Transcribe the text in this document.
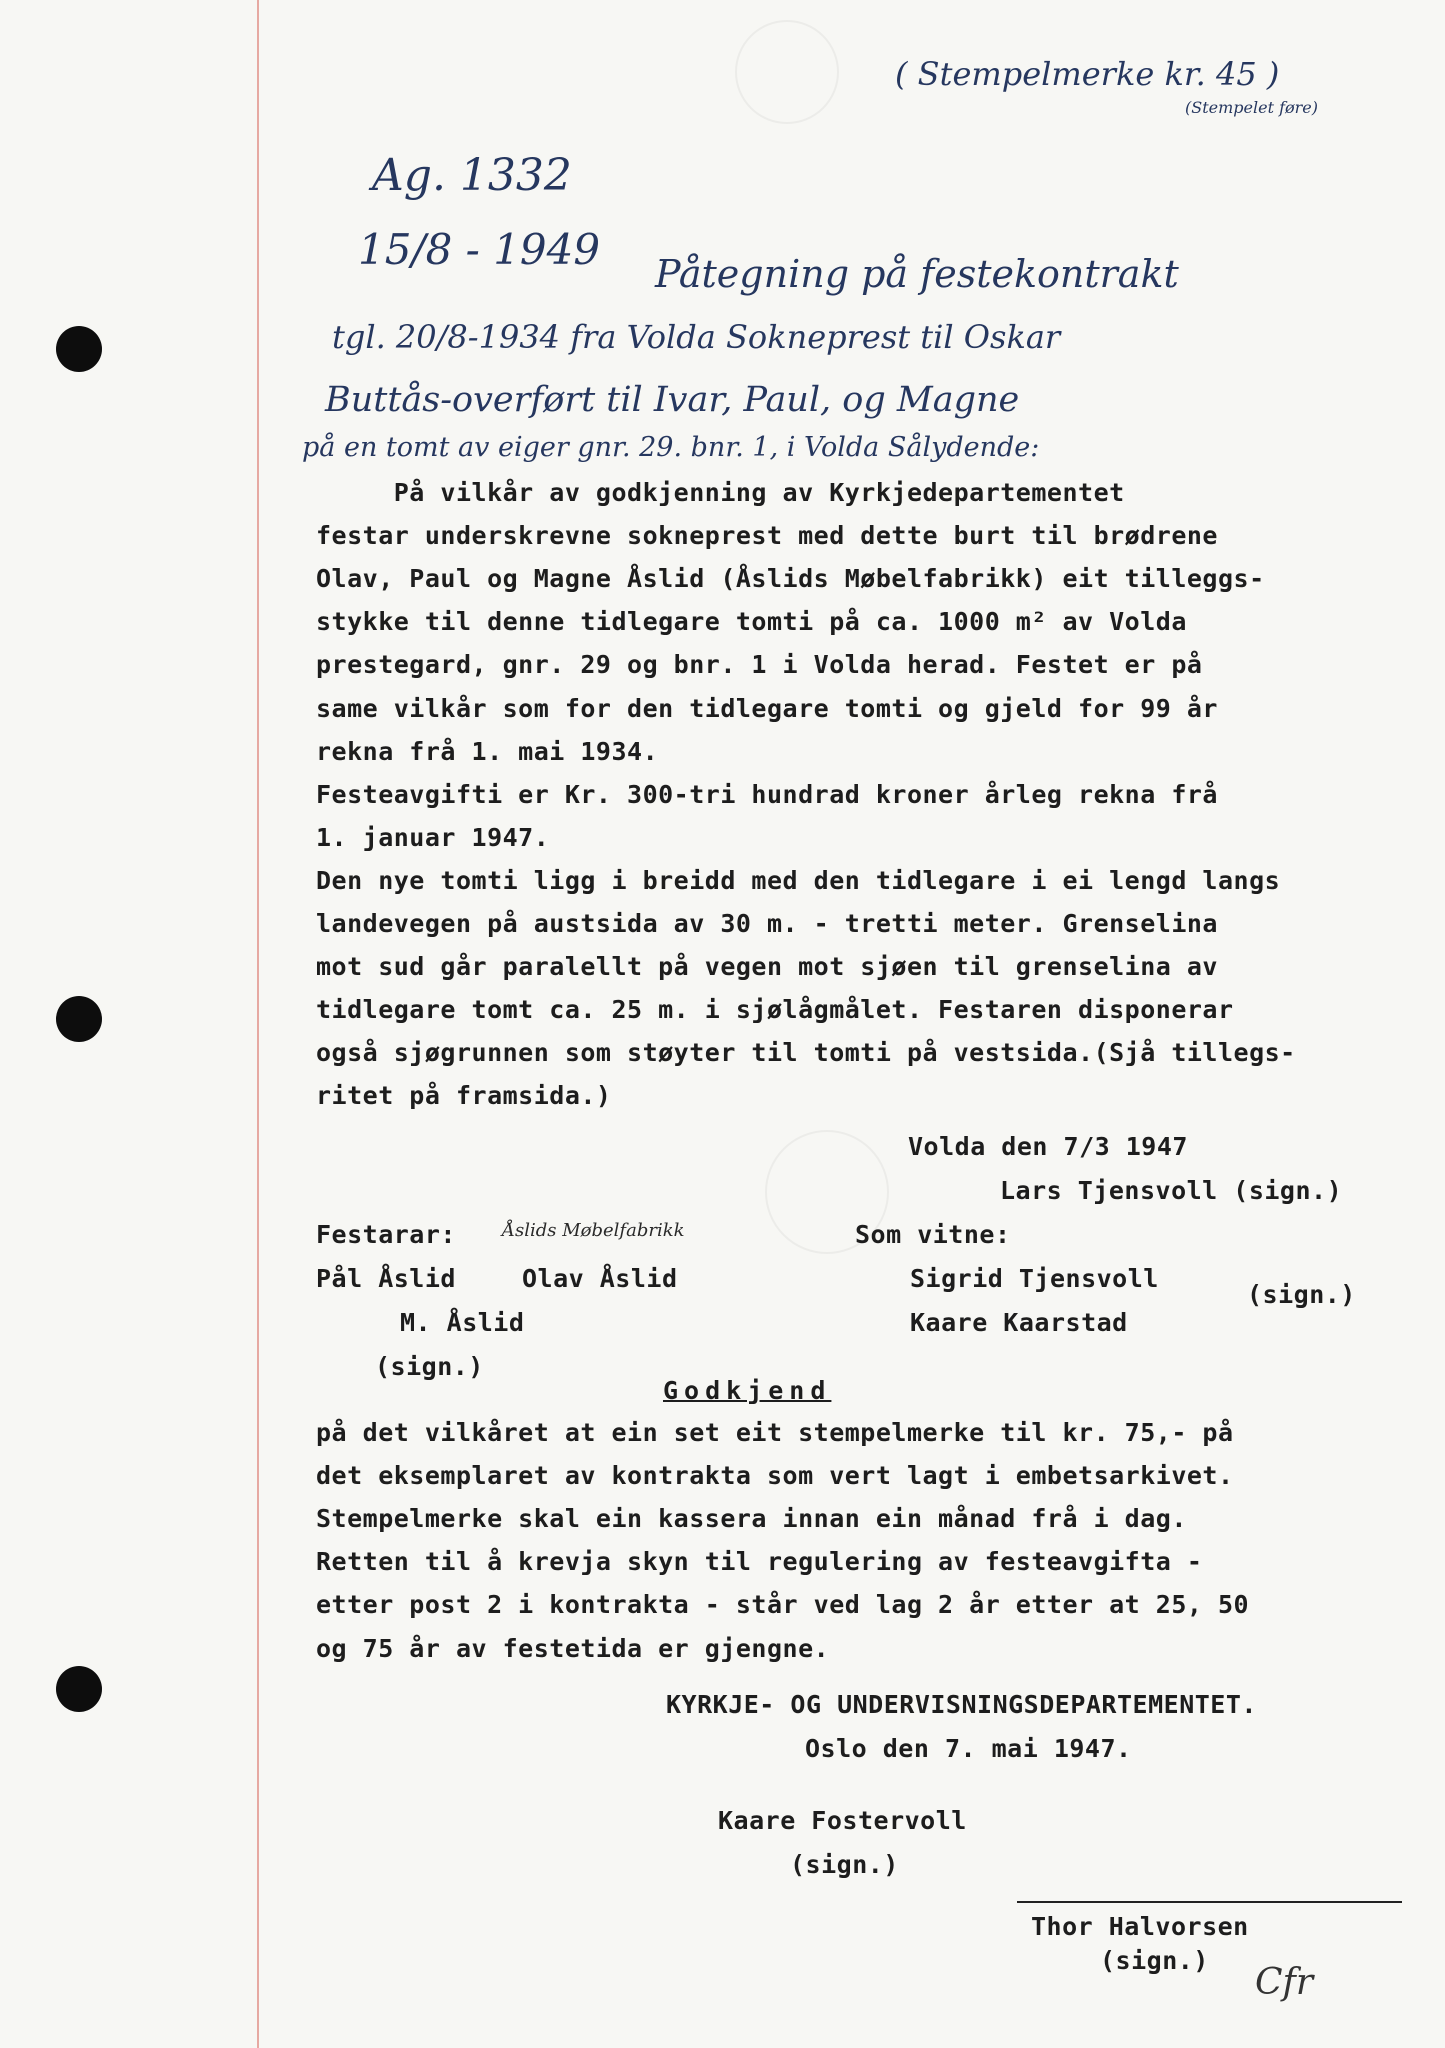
( Stempelmerke kr. 45 )
(Stempelet føre)
Ag. 1332
15/8 - 1949 Påtegning på festekontrakt
tgl. 20/8-1934 fra Volda Sokneprest til Oskar
Buttås-overført til Ivar, Paul, og Magne
på en tomt av eiger gnr. 29. bnr. 1, i Volda Sålydende:
På vilkår av godkjenning av Kyrkjedepartementet
festar underskrevne sokneprest med dette burt til brødrene
Olav, Paul og Magne Åslid (Åslids Møbelfabrikk) eit tilleggs-
stykke til denne tidlegare tomti på ca. 1000 m² av Volda
prestegard, gnr. 29 og bnr. 1 i Volda herad. Festet er på
same vilkår som for den tidlegare tomti og gjeld for 99 år
rekna frå 1. mai 1934.
Festeavgifti er Kr. 300-tri hundrad kroner årleg rekna frå
1. januar 1947.
Den nye tomti ligg i breidd med den tidlegare i ei lengd langs
landevegen på austsida av 30 m. - tretti meter. Grenselina
mot sud går paralellt på vegen mot sjøen til grenselina av
tidlegare tomt ca. 25 m. i sjølågmålet. Festaren disponerar
også sjøgrunnen som støyter til tomti på vestsida.(Sjå tillegs-
ritet på framsida.)
Volda den 7/3 1947
Lars Tjensvoll (sign.)
Festarar:	Åslids Møbelfabrikk	Som vitne:
Pål Åslid	Olav Åslid	Sigrid Tjensvoll
(sign.)
M. Åslid	Kaare Kaarstad
(sign.)
Godkjend
på det vilkåret at ein set eit stempelmerke til kr. 75,- på
det eksemplaret av kontrakta som vert lagt i embetsarkivet.
Stempelmerke skal ein kassera innan ein månad frå i dag.
Retten til å krevja skyn til regulering av festeavgifta -
etter post 2 i kontrakta - står ved lag 2 år etter at 25, 50
og 75 år av festetida er gjengne.
KYRKJE- OG UNDERVISNINGSDEPARTEMENTET.
Oslo den 7. mai 1947.
Kaare Fostervoll
(sign.)
Thor Halvorsen
(sign.)
Cfr
